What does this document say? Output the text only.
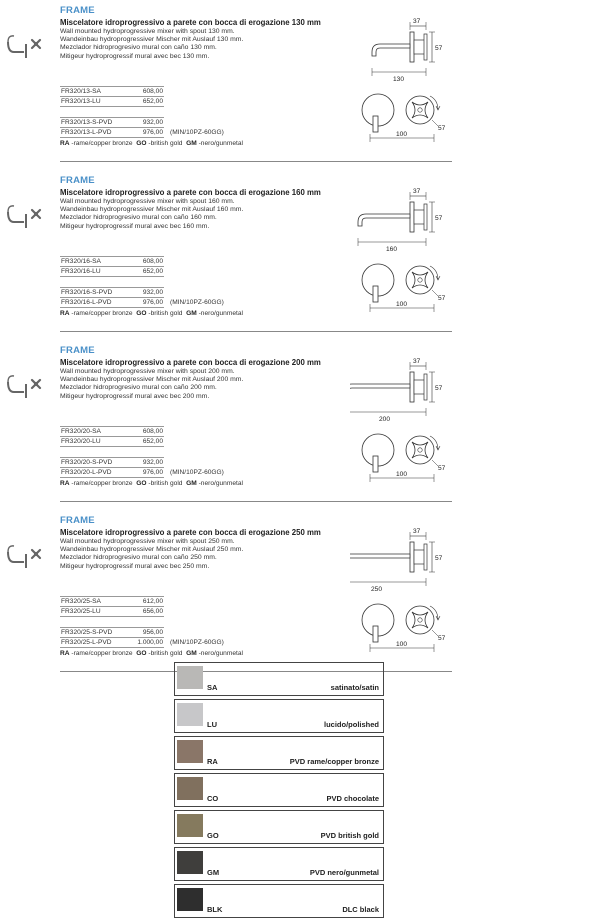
FRAME
Miscelatore idroprogressivo a parete con bocca di erogazione 130 mm
Wall mounted hydroprogressive mixer with spout 130 mm.
Wandeinbau hydroprogressiver Mischer mit Auslauf 130 mm.
Mezclador hidroprogresivo mural con caño 130 mm.
Mitigeur hydroprogressif mural avec bec 130 mm.
FR320/13-SA	608,00
FR320/13-LU	652,00
FR320/13-S-PVD	932,00
FR320/13-L-PVD	976,00 (MIN/10PZ-60GG)
RA -rame/copper bronze GO -british gold GM -nero/gunmetal
37
57
130
57
100
FRAME
Miscelatore idroprogressivo a parete con bocca di erogazione 160 mm
Wall mounted hydroprogressive mixer with spout 160 mm.
Wandeinbau hydroprogressiver Mischer mit Auslauf 160 mm.
Mezclador hidroprogresivo mural con caño 160 mm.
Mitigeur hydroprogressif mural avec bec 160 mm.
FR320/16-SA	608,00
FR320/16-LU	652,00
FR320/16-S-PVD	932,00
FR320/16-L-PVD	976,00 (MIN/10PZ-60GG)
RA -rame/copper bronze GO -british gold GM -nero/gunmetal
37
57
160
57
100
FRAME
Miscelatore idroprogressivo a parete con bocca di erogazione 200 mm
Wall mounted hydroprogressive mixer with spout 200 mm.
Wandeinbau hydroprogressiver Mischer mit Auslauf 200 mm.
Mezclador hidroprogresivo mural con caño 200 mm.
Mitigeur hydroprogressif mural avec bec 200 mm.
FR320/20-SA	608,00
FR320/20-LU	652,00
FR320/20-S-PVD	932,00
FR320/20-L-PVD	976,00 (MIN/10PZ-60GG)
RA -rame/copper bronze GO -british gold GM -nero/gunmetal
37
57
200
57
100
FRAME
Miscelatore idroprogressivo a parete con bocca di erogazione 250 mm
Wall mounted hydroprogressive mixer with spout 250 mm.
Wandeinbau hydroprogressiver Mischer mit Auslauf 250 mm.
Mezclador hidroprogresivo mural con caño 250 mm.
Mitigeur hydroprogressif mural avec bec 250 mm.
FR320/25-SA	612,00
FR320/25-LU	656,00
FR320/25-S-PVD	956,00
FR320/25-L-PVD	1.000,00 (MIN/10PZ-60GG)
RA -rame/copper bronze GO -british gold GM -nero/gunmetal
37
57
250
57
100
SA	satinato/satin
LU	lucido/polished
RA	PVD rame/copper bronze
CO	PVD chocolate
GO	PVD british gold
GM	PVD nero/gunmetal
BLK	DLC black
